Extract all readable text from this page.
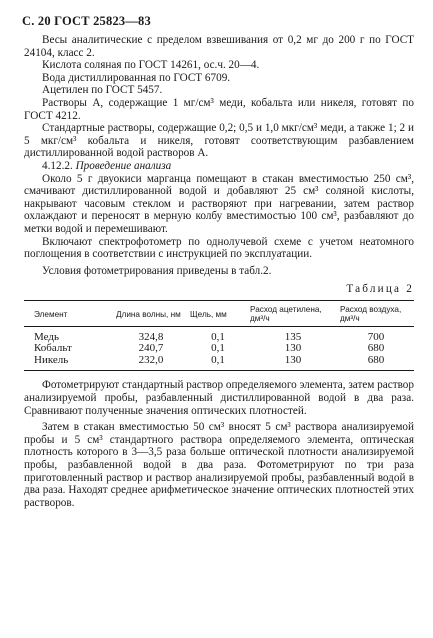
С. 20 ГОСТ 25823—83

Весы аналитические с пределом взвешивания от 0,2 мг до 200 г по ГОСТ 24104, класс 2.

Кислота соляная по ГОСТ 14261, ос.ч. 20—4.

Вода дистиллированная по ГОСТ 6709.

Ацетилен по ГОСТ 5457.

Растворы А, содержащие 1 мг/см³ меди, кобальта или никеля, готовят по ГОСТ 4212.

Стандартные растворы, содержащие 0,2; 0,5 и 1,0 мкг/см³ меди, а также 1; 2 и 5 мкг/см³ кобальта и никеля, готовят соответствующим разбавлением дистиллированной водой растворов А.

4.12.2. Проведение анализа

Около 5 г двуокиси марганца помещают в стакан вместимостью 250 см³, смачивают дистиллированной водой и добавляют 25 см³ соляной кислоты, накрывают часовым стеклом и растворяют при нагревании, затем раствор охлаждают и переносят в мерную колбу вместимостью 100 см³, разбавляют до метки водой и перемешивают.

Включают спектрофотометр по однолучевой схеме с учетом неатомного поглощения в соответствии с инструкцией по эксплуатации.

Условия фотометрирования приведены в табл.2.

Таблица 2
Элемент	Длина волны, нм	Щель, мм	Расход ацетилена, дм³/ч	Расход воздуха, дм³/ч
Медь	324,8	0,1	135	700
Кобальт	240,7	0,1	130	680
Никель	232,0	0,1	130	680

Фотометрируют стандартный раствор определяемого элемента, затем раствор анализируемой пробы, разбавленный дистиллированной водой в два раза. Сравнивают полученные значения оптических плотностей.

Затем в стакан вместимостью 50 см³ вносят 5 см³ раствора анализируемой пробы и 5 см³ стандартного раствора определяемого элемента, оптическая плотность которого в 3—3,5 раза больше оптической плотности анализируемой пробы, разбавленной водой в два раза. Фотометрируют по три раза приготовленный раствор и раствор анализируемой пробы, разбавленный водой в два раза. Находят среднее арифметическое значение оптических плотностей этих растворов.
